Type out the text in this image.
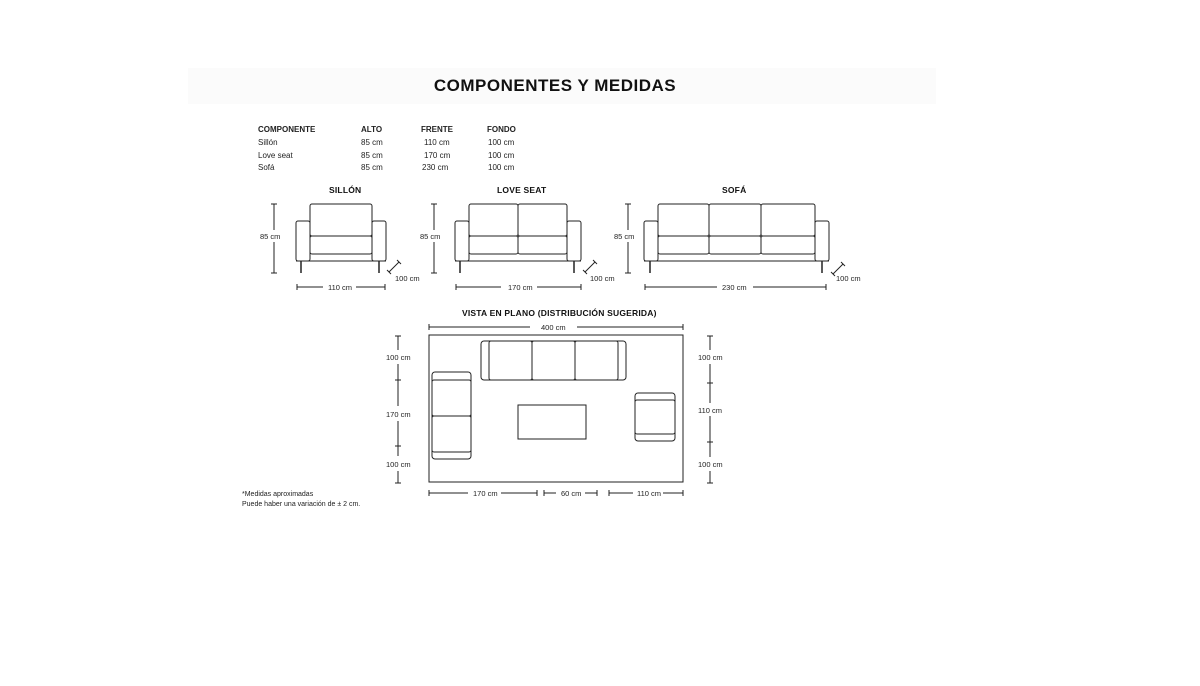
COMPONENTES Y MEDIDAS
COMPONENTE	ALTO	FRENTE	FONDO
Sillón	85 cm	110 cm	100 cm
Love seat	85 cm	170 cm	100 cm
Sofá	85 cm	230 cm	100 cm
SILLÓN	LOVE SEAT	SOFÁ
85 cm
110 cm
100 cm
85 cm
170 cm
100 cm
85 cm
230 cm
100 cm
VISTA EN PLANO (DISTRIBUCIÓN SUGERIDA)
400 cm
100 cm
170 cm
100 cm
100 cm
110 cm
100 cm
170 cm	60 cm	110 cm
*Medidas aproximadas
Puede haber una variación de ± 2 cm.
